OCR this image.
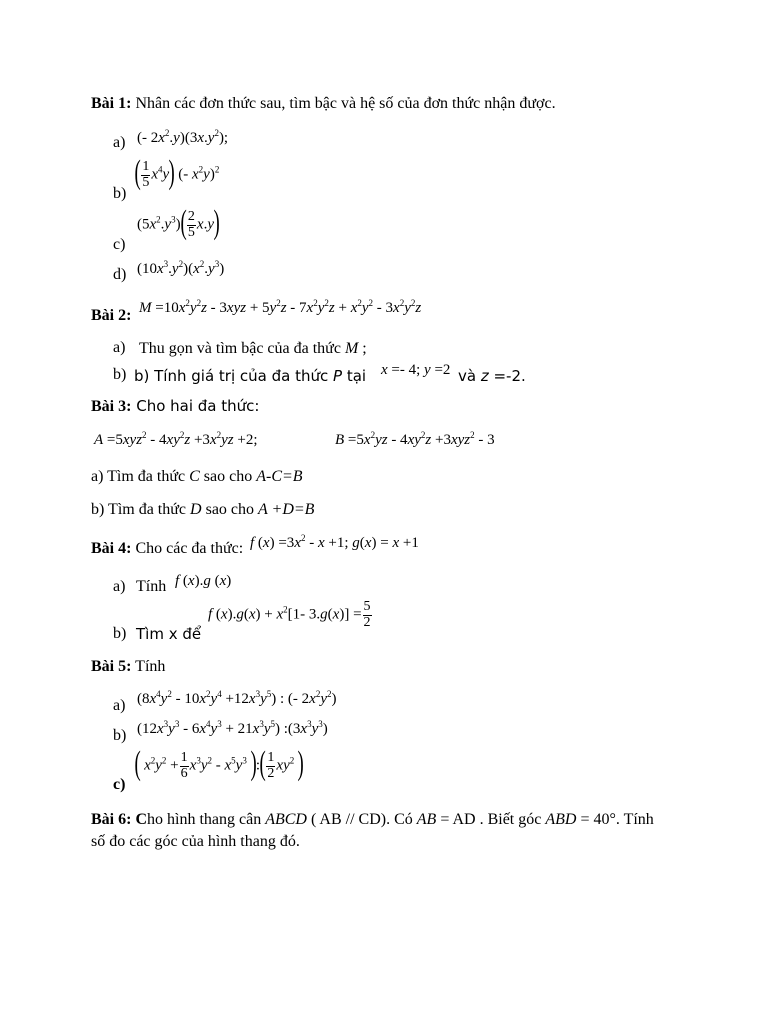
Bài 1: Nhân các đơn thức sau, tìm bậc và hệ số của đơn thức nhận được.
a) (- $2x^2.y)(3x.y^2)$;
b)
( $\frac{1}{5} x^4y$) (- $x^2y)^2$
c)
$(5x^2.y^3)( \frac{2}{5} x.y)$
d) $(10x^3.y^2)(x^2.y^3)$
Bài 2: $M =10x^2y^2z - 3xyz + 5y^2z - 7x^2y^2z + x^2y^2 - 3x^2y^2z$
a) Thu gọn và tìm bậc của đa thức M ;
b) b) Tính giá trị của đa thức P tại x =- 4; y =2 và z =-2.
Bài 3: Cho hai đa thức:
$A =5xyz^2 - 4xy^2z +3x^2yz +2$;	$B =5x^2yz - 4xy^2z +3xyz^2 - 3$
a) Tìm đa thức C sao cho A-C=B
b) Tìm đa thức D sao cho A +D=B
Bài 4: Cho các đa thức: f $(x) =3x^2 - x +1$; g(x) = x +1
a) Tính f (x).g (x)
b) Tìm x để
f $(x).g(x) + x^2[1-$ $3.g(x)] = \frac{5}{2}$
Bài 5: Tính
a) $(8x^4y^2 - 10x^2y^4 +12x^3y^5)$ : (- $2x^2y^2$)
b) $(12x^3y^3 - 6x^4y^3 + 21x^3y^5)$ $:(3x^3y^3)$
c)
( $x^2y^2 + \frac{1}{6} x^3y^2 - x^5y^3$ ):( $\frac{1}{2} xy^2$ )
Bài 6: Cho hình thang cân ABCD ( AB // CD). Có AB = AD . Biết góc ABD = 40°. Tính
số đo các góc của hình thang đó.
